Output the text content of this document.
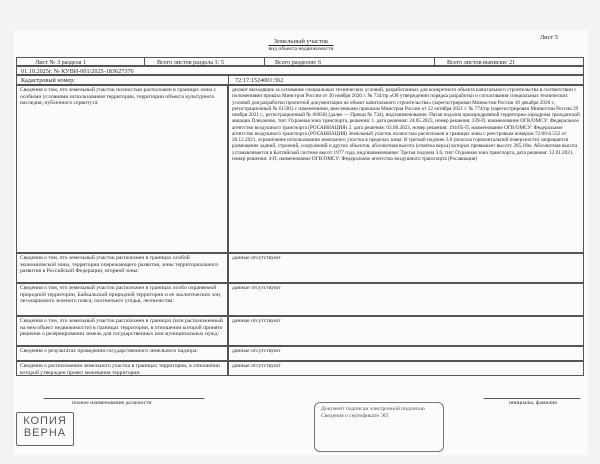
Земельный участок
вид объекта недвижимости
Лист 5
Лист № 3 раздела 1	Всего листов раздела 1: 5	Всего разделов: 6	Всего листов выписки: 21
01.10.2025г. № КУВИ-001/2025-183627376
Кадастровый номер:	72:17:1524001:362
Сведения о том, что земельный участок полностью расположен в границах зоны с особыми условиями использования территории, территории объекта культурного наследия, публичного сервитута:
делают выходящие за основание специальных технических условий, разработанных для конкретного объекта капитального строительства в соответствии с положениями приказа Минстроя России от 30 ноября 2020 г. № 734/пр «Об утверждении порядка разработки и согласования специальных технических условий для разработки проектной документации на объект капитального строительства» (зарегистрирован Минюстом России 18 декабря 2020 г., регистрационный № 61581) с изменениями, внесенными приказом Минстроя России от 22 октября 2021 г. № 774/пр (зарегистрирован Минюстом России 29 ноября 2021 г., регистрационный № 66058) (далее — Приказ № 734), вид/наименование: Пятая подзона приаэродромной территории аэродрома гражданской авиации Плеханово, тип: Охранная зона транспорта, решения: 1. дата решения: 24.05.2023, номер решения: 339-П, наименование ОГВ/ОМСУ: Федеральное агентство воздушного транспорта (РОСАВИАЦИЯ) 2. дата решения: 03.08.2023, номер решения: 194/05-П, наименование ОГВ/ОМСУ: Федеральное агентство воздушного транспорта (РОСАВИАЦИЯ) Земельный участок полностью расположен в границах зоны с реестровым номером 72:00-6.532 от 20.12.2021, ограничение использования земельного участка в пределах зоны: В третьей подзоне 3.6 (полосы горизонтальной поверхности) запрещается размещение зданий, строений, сооружений и других объектов, абсолютная высота (отметка верха) которых превышает высоту 265,18м. Абсолютная высота устанавливается в Балтийской системе высот 1977 года, вид/наименование: Третья подзона 3.6, тип: Охранная зона транспорта, дата решения: 12.01.2021, номер решения: 4-П, наименование ОГВ/ОМСУ: Федеральное агентство воздушного транспорта (Росавиация)
Сведения о том, что земельный участок расположен в границах особой экономической зоны, территории опережающего развития, зоны территориального развития в Российской Федерации, игорной зоны:
данные отсутствуют
Сведения о том, что земельный участок расположен в границах особо охраняемой природной территории, Байкальской природной территории и ее экологических зон, лесопаркового зеленого пояса, охотничьего угодья, лесничества:
данные отсутствуют
Сведения о том, что земельный участок расположен в границах (или расположенный на нем объект недвижимости) в границах территории, в отношении которой принято решение о резервировании земель для государственных или муниципальных нужд:
данные отсутствуют
Сведения о результатах проведения государственного земельного надзора:	данные отсутствуют
Сведения о расположении земельного участка в границах территории, в отношении которой утвержден проект межевания территории:
данные отсутствуют
полное наименование должности	инициалы, фамилия
Документ подписан электронной подписью Сведения о сертификате ЭП
КОПИЯ
ВЕРНА
